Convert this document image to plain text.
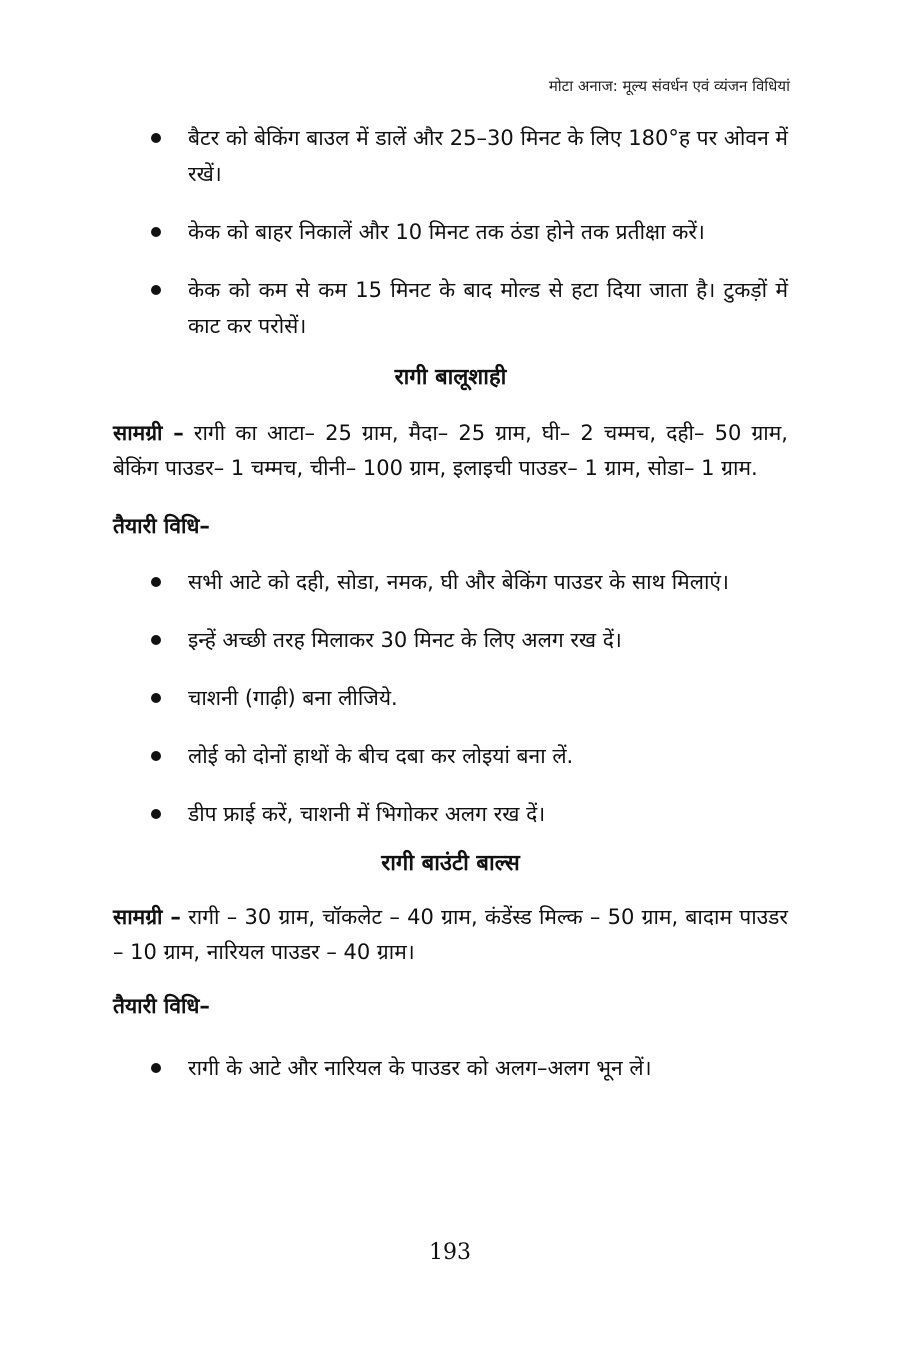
मोटा अनाज: मूल्य संवर्धन एवं व्यंजन विधियां
बैटर को बेकिंग बाउल में डालें और 25–30 मिनट के लिए 180°ह पर ओवन में रखें।
केक को बाहर निकालें और 10 मिनट तक ठंडा होने तक प्रतीक्षा करें।
केक को कम से कम 15 मिनट के बाद मोल्ड से हटा दिया जाता है। टुकड़ों में काट कर परोसें।
रागी बालूशाही

सामग्री – रागी का आटा– 25 ग्राम, मैदा– 25 ग्राम, घी– 2 चम्मच, दही– 50 ग्राम, बेकिंग पाउडर– 1 चम्मच, चीनी– 100 ग्राम, इलाइची पाउडर– 1 ग्राम, सोडा– 1 ग्राम.

तैयारी विधि–
सभी आटे को दही, सोडा, नमक, घी और बेकिंग पाउडर के साथ मिलाएं।
इन्हें अच्छी तरह मिलाकर 30 मिनट के लिए अलग रख दें।
चाशनी (गाढ़ी) बना लीजिये.
लोई को दोनों हाथों के बीच दबा कर लोइयां बना लें.
डीप फ्राई करें, चाशनी में भिगोकर अलग रख दें।
रागी बाउंटी बाल्स

सामग्री – रागी – 30 ग्राम, चॉकलेट – 40 ग्राम, कंडेंस्ड मिल्क – 50 ग्राम, बादाम पाउडर – 10 ग्राम, नारियल पाउडर – 40 ग्राम।

तैयारी विधि–
रागी के आटे और नारियल के पाउडर को अलग–अलग भून लें।
193
